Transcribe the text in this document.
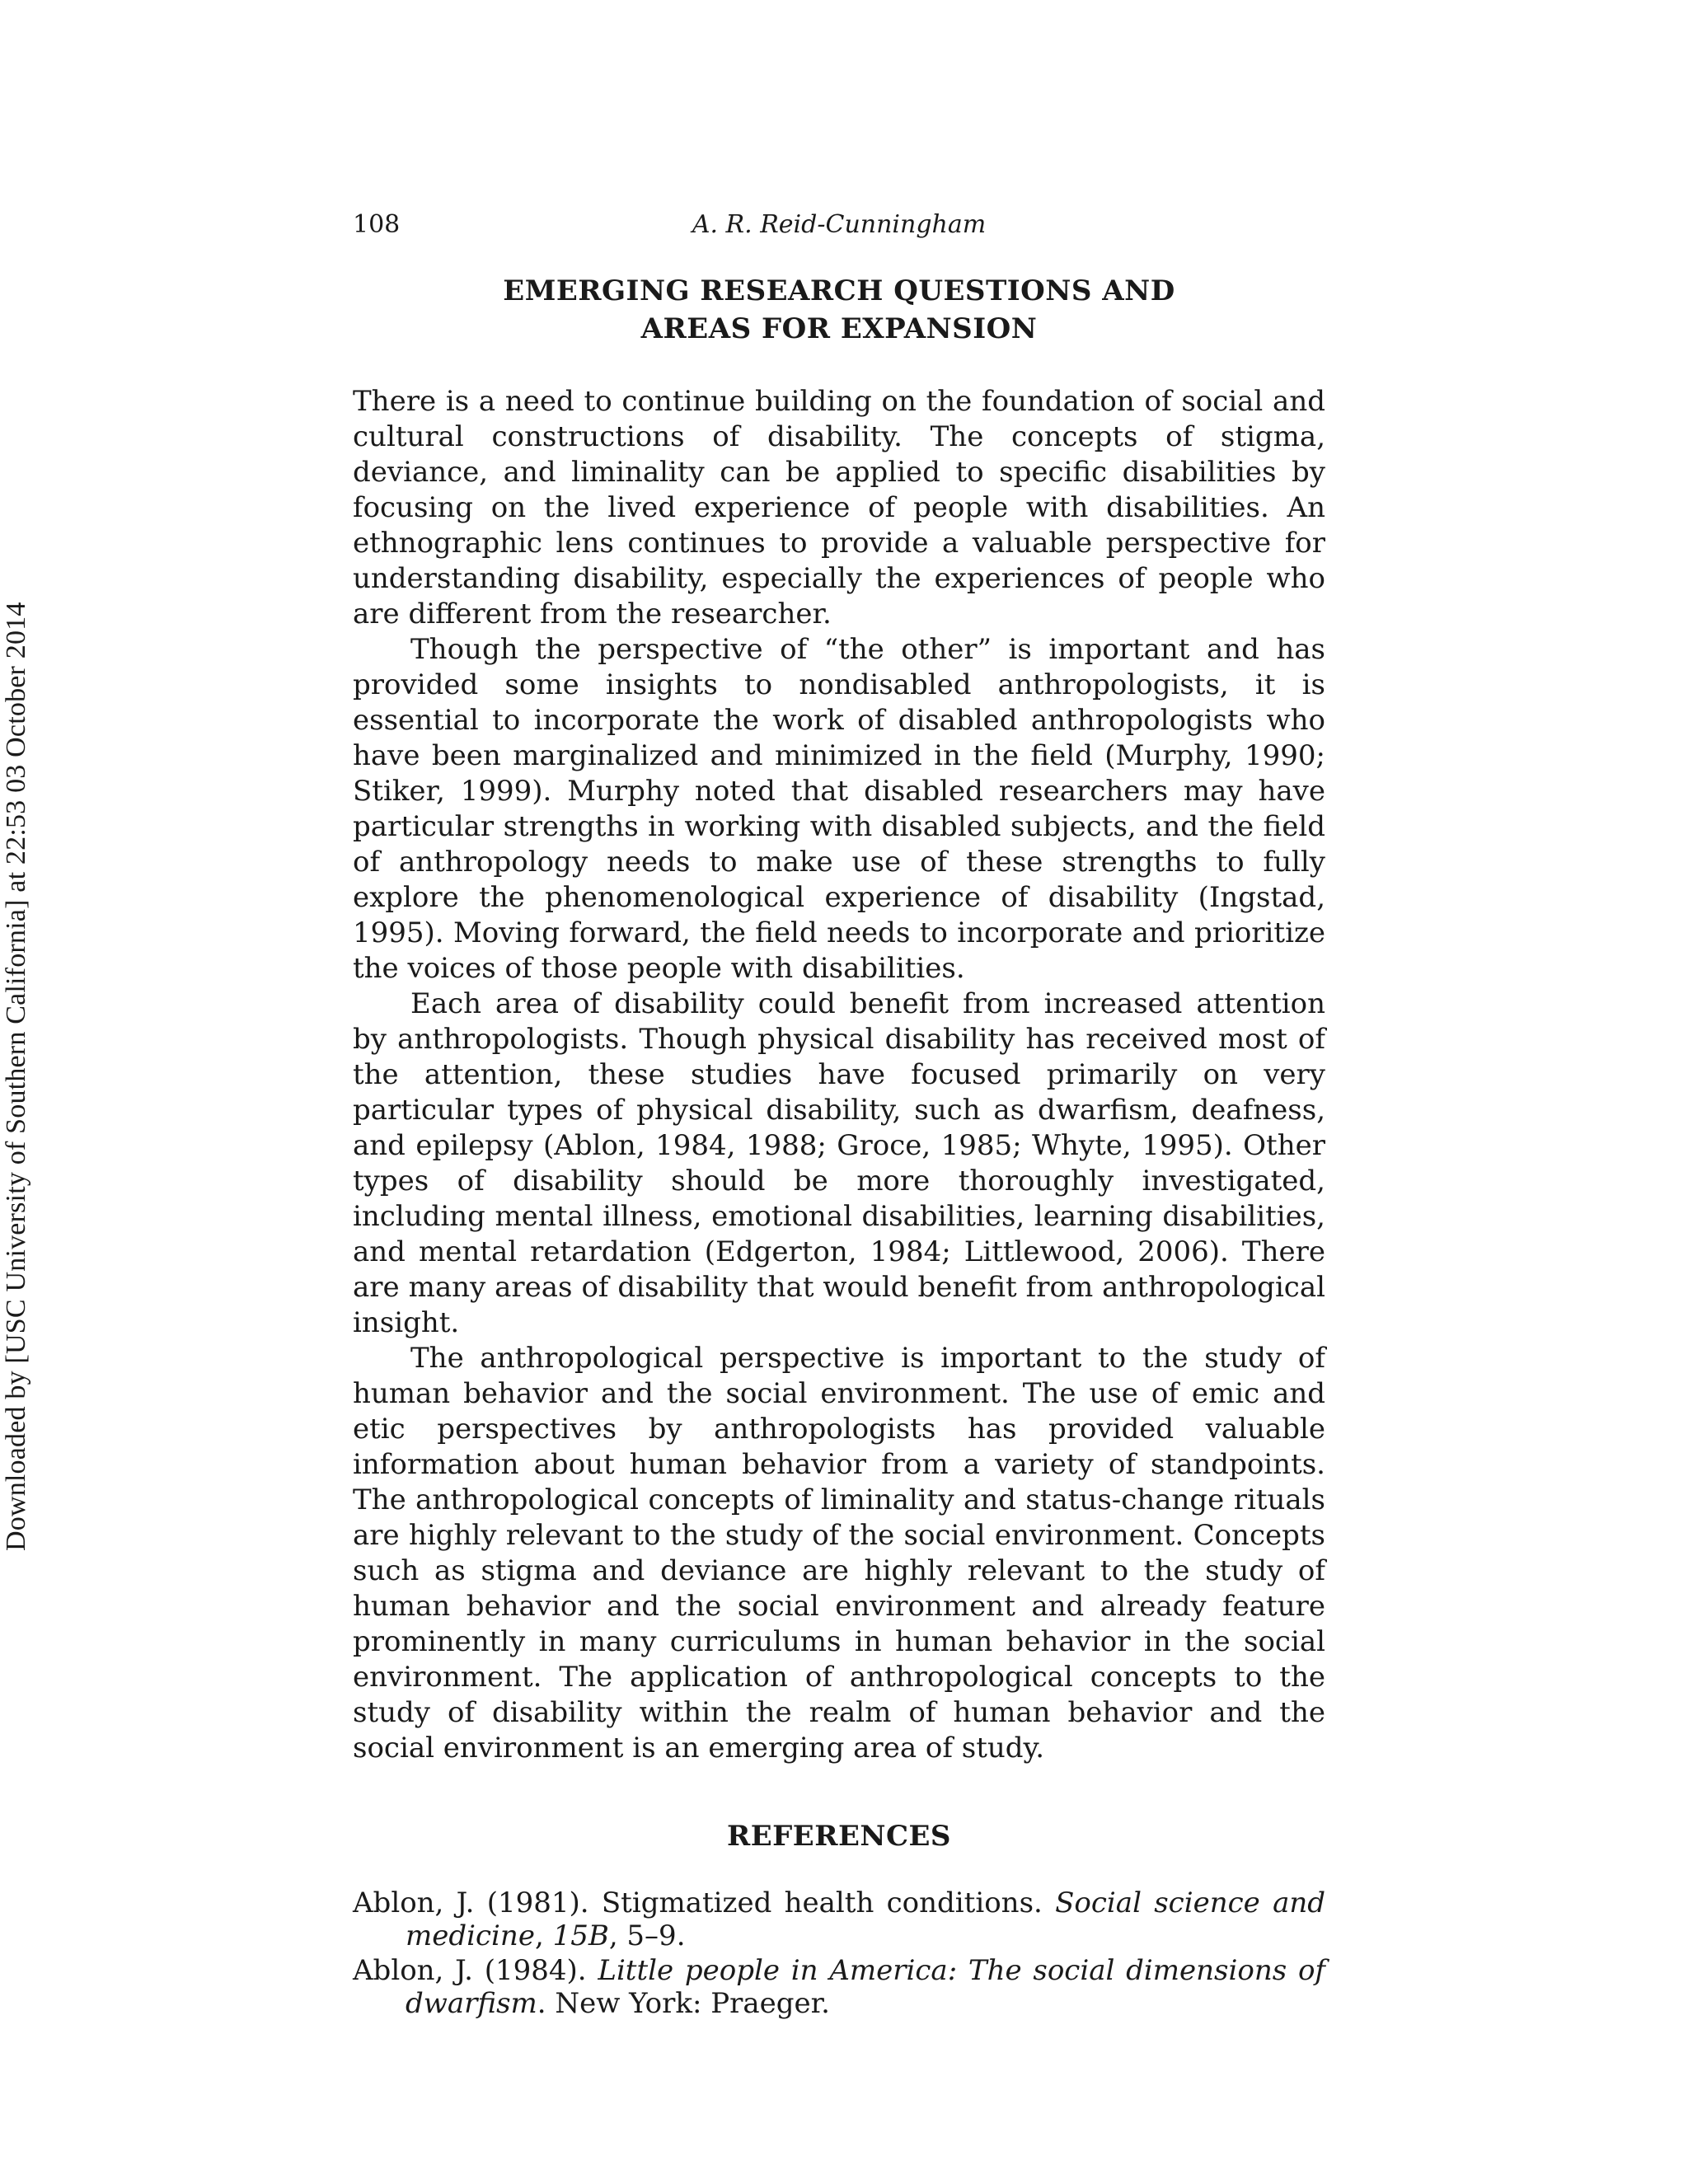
Downloaded by [USC University of Southern California] at 22:53 03 October 2014
108	A. R. Reid-Cunningham
EMERGING RESEARCH QUESTIONS AND
AREAS FOR EXPANSION

There is a need to continue building on the foundation of social and cultural constructions of disability. The concepts of stigma, deviance, and liminality can be applied to specific disabilities by focusing on the lived experience of people with disabilities. An ethnographic lens continues to provide a valuable perspective for understanding disability, especially the experiences of people who are different from the researcher.

Though the perspective of “the other” is important and has provided some insights to nondisabled anthropologists, it is essential to incorporate the work of disabled anthropologists who have been marginalized and minimized in the field (Murphy, 1990; Stiker, 1999). Murphy noted that disabled researchers may have particular strengths in working with disabled subjects, and the field of anthropology needs to make use of these strengths to fully explore the phenomenological experience of disability (Ingstad, 1995). Moving forward, the field needs to incorporate and prioritize the voices of those people with disabilities.

Each area of disability could benefit from increased attention by anthropologists. Though physical disability has received most of the attention, these studies have focused primarily on very particular types of physical disability, such as dwarfism, deafness, and epilepsy (Ablon, 1984, 1988; Groce, 1985; Whyte, 1995). Other types of disability should be more thoroughly investigated, including mental illness, emotional disabilities, learning disabilities, and mental retardation (Edgerton, 1984; Littlewood, 2006). There are many areas of disability that would benefit from anthropological insight.

The anthropological perspective is important to the study of human behavior and the social environment. The use of emic and etic perspectives by anthropologists has provided valuable information about human behavior from a variety of standpoints. The anthropological concepts of liminality and status-change rituals are highly relevant to the study of the social environment. Concepts such as stigma and deviance are highly relevant to the study of human behavior and the social environment and already feature prominently in many curriculums in human behavior in the social environment. The application of anthropological concepts to the study of disability within the realm of human behavior and the social environment is an emerging area of study.

REFERENCES

Ablon, J. (1981). Stigmatized health conditions. Social science and medicine, 15B, 5–9.

Ablon, J. (1984). Little people in America: The social dimensions of dwarfism. New York: Praeger.
